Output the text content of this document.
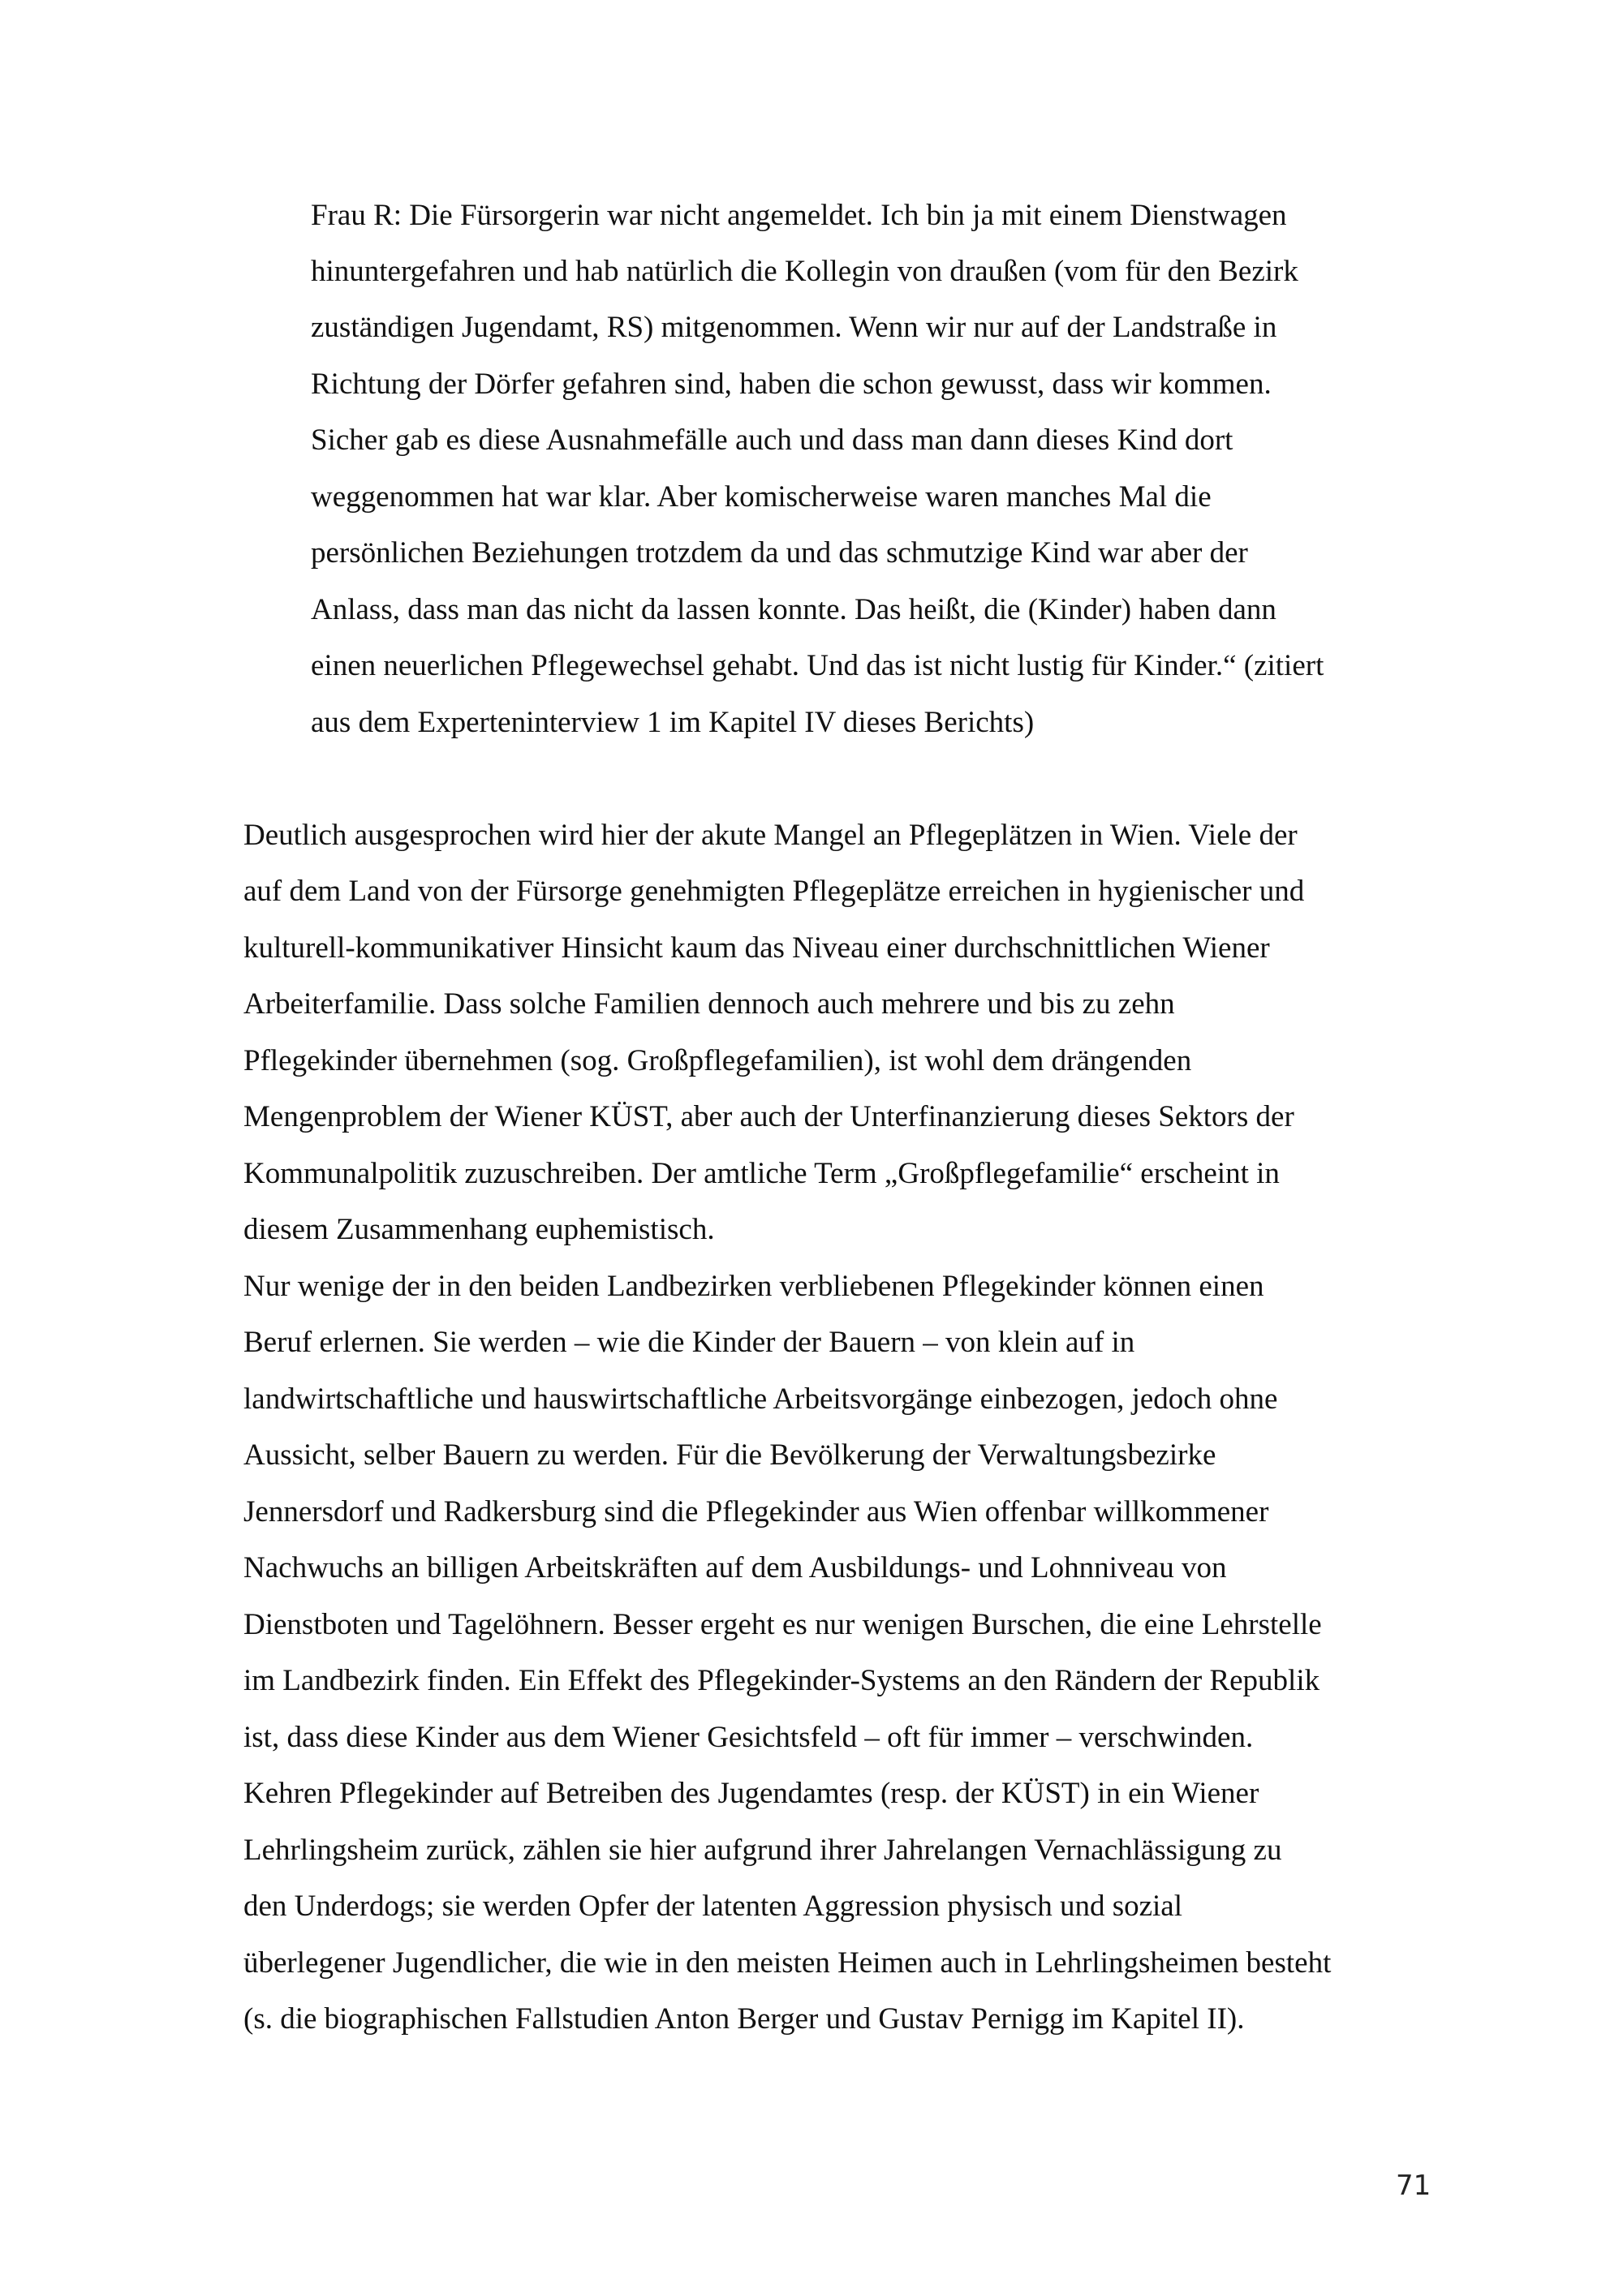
Frau R: Die Fürsorgerin war nicht angemeldet. Ich bin ja mit einem Dienstwagen
hinuntergefahren und hab natürlich die Kollegin von draußen (vom für den Bezirk
zuständigen Jugendamt, RS) mitgenommen. Wenn wir nur auf der Landstraße in
Richtung der Dörfer gefahren sind, haben die schon gewusst, dass wir kommen.
Sicher gab es diese Ausnahmefälle auch und dass man dann dieses Kind dort
weggenommen hat war klar. Aber komischerweise waren manches Mal die
persönlichen Beziehungen trotzdem da und das schmutzige Kind war aber der
Anlass, dass man das nicht da lassen konnte. Das heißt, die (Kinder) haben dann
einen neuerlichen Pflegewechsel gehabt. Und das ist nicht lustig für Kinder.“ (zitiert
aus dem Experteninterview 1 im Kapitel IV dieses Berichts)
Deutlich ausgesprochen wird hier der akute Mangel an Pflegeplätzen in Wien. Viele der
auf dem Land von der Fürsorge genehmigten Pflegeplätze erreichen in hygienischer und
kulturell-kommunikativer Hinsicht kaum das Niveau einer durchschnittlichen Wiener
Arbeiterfamilie. Dass solche Familien dennoch auch mehrere und bis zu zehn
Pflegekinder übernehmen (sog. Großpflegefamilien), ist wohl dem drängenden
Mengenproblem der Wiener KÜST, aber auch der Unterfinanzierung dieses Sektors der
Kommunalpolitik zuzuschreiben. Der amtliche Term „Großpflegefamilie“ erscheint in
diesem Zusammenhang euphemistisch.
Nur wenige der in den beiden Landbezirken verbliebenen Pflegekinder können einen
Beruf erlernen. Sie werden – wie die Kinder der Bauern – von klein auf in
landwirtschaftliche und hauswirtschaftliche Arbeitsvorgänge einbezogen, jedoch ohne
Aussicht, selber Bauern zu werden. Für die Bevölkerung der Verwaltungsbezirke
Jennersdorf und Radkersburg sind die Pflegekinder aus Wien offenbar willkommener
Nachwuchs an billigen Arbeitskräften auf dem Ausbildungs- und Lohnniveau von
Dienstboten und Tagelöhnern. Besser ergeht es nur wenigen Burschen, die eine Lehrstelle
im Landbezirk finden. Ein Effekt des Pflegekinder-Systems an den Rändern der Republik
ist, dass diese Kinder aus dem Wiener Gesichtsfeld – oft für immer – verschwinden.
Kehren Pflegekinder auf Betreiben des Jugendamtes (resp. der KÜST) in ein Wiener
Lehrlingsheim zurück, zählen sie hier aufgrund ihrer Jahrelangen Vernachlässigung zu
den Underdogs; sie werden Opfer der latenten Aggression physisch und sozial
überlegener Jugendlicher, die wie in den meisten Heimen auch in Lehrlingsheimen besteht
(s. die biographischen Fallstudien Anton Berger und Gustav Pernigg im Kapitel II).
71
